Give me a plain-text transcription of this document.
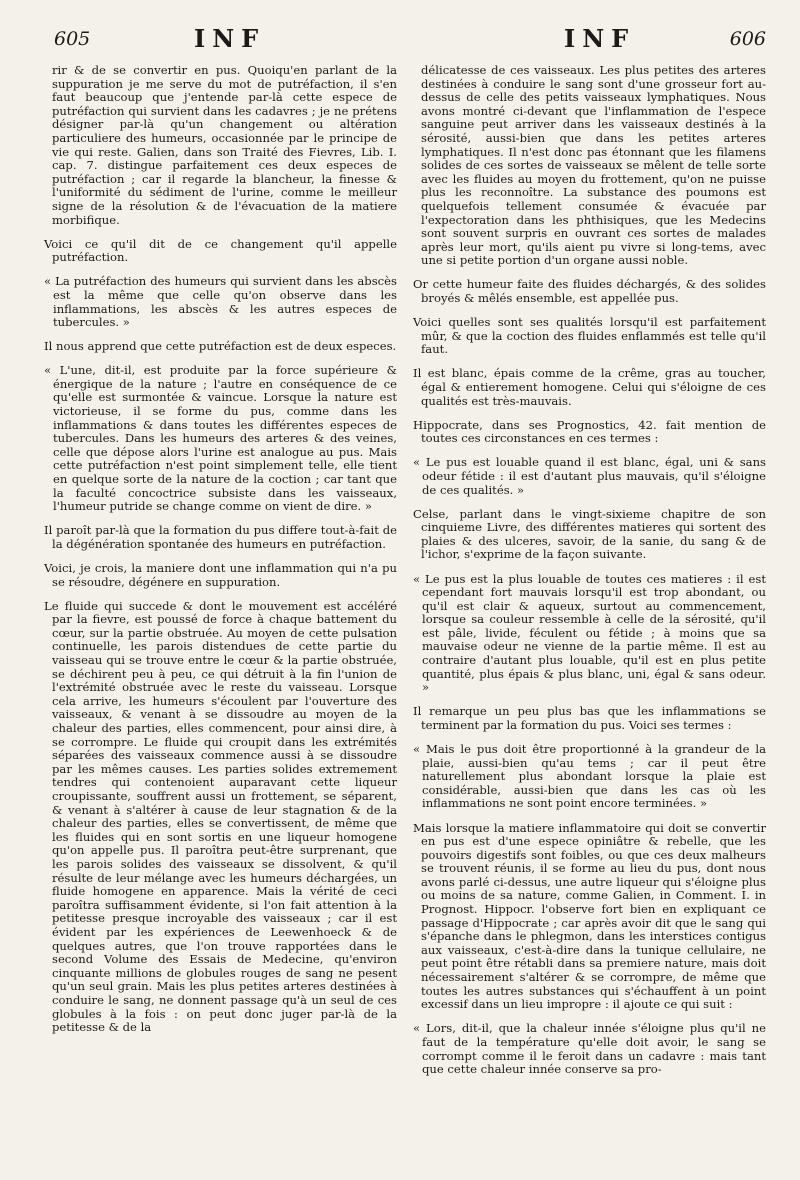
605	INF	INF	606

rir & de se convertir en pus. Quoiqu'en parlant de la suppuration je me serve du mot de putréfaction, il s'en faut beaucoup que j'entende par-là cette espece de putréfaction qui survient dans les cadavres ; je ne prétens désigner par-là qu'un changement ou altération particuliere des humeurs, occasionnée par le principe de vie qui reste. Galien, dans son Traité des Fievres, Lib. I. cap. 7. distingue parfaitement ces deux especes de putréfaction ; car il regarde la blancheur, la finesse & l'uniformité du sédiment de l'urine, comme le meilleur signe de la résolution & de l'évacuation de la matiere morbifique.

Voici ce qu'il dit de ce changement qu'il appelle putréfaction.

« La putréfaction des humeurs qui survient dans les abscès est la même que celle qu'on observe dans les inflammations, les abscès & les autres especes de tubercules. »

Il nous apprend que cette putréfaction est de deux especes.

« L'une, dit-il, est produite par la force supérieure & énergique de la nature ; l'autre en conséquence de ce qu'elle est surmontée & vaincue. Lorsque la nature est victorieuse, il se forme du pus, comme dans les inflammations & dans toutes les différentes especes de tubercules. Dans les humeurs des arteres & des veines, celle que dépose alors l'urine est analogue au pus. Mais cette putréfaction n'est point simplement telle, elle tient en quelque sorte de la nature de la coction ; car tant que la faculté concoctrice subsiste dans les vaisseaux, l'humeur putride se change comme on vient de dire. »

Il paroît par-là que la formation du pus differe tout-à-fait de la dégénération spontanée des humeurs en putréfaction.

Voici, je crois, la maniere dont une inflammation qui n'a pu se résoudre, dégénere en suppuration.

Le fluide qui succede & dont le mouvement est accéléré par la fievre, est poussé de force à chaque battement du cœur, sur la partie obstruée. Au moyen de cette pulsation continuelle, les parois distendues de cette partie du vaisseau qui se trouve entre le cœur & la partie obstruée, se déchirent peu à peu, ce qui détruit à la fin l'union de l'extrémité obstruée avec le reste du vaisseau. Lorsque cela arrive, les humeurs s'écoulent par l'ouverture des vaisseaux, & venant à se dissoudre au moyen de la chaleur des parties, elles commencent, pour ainsi dire, à se corrompre. Le fluide qui croupit dans les extrémités séparées des vaisseaux commence aussi à se dissoudre par les mêmes causes. Les parties solides extremement tendres qui contenoient auparavant cette liqueur croupissante, souffrent aussi un frottement, se séparent, & venant à s'altérer à cause de leur stagnation & de la chaleur des parties, elles se convertissent, de même que les fluides qui en sont sortis en une liqueur homogene qu'on appelle pus. Il paroîtra peut-être surprenant, que les parois solides des vaisseaux se dissolvent, & qu'il résulte de leur mélange avec les humeurs déchargées, un fluide homogene en apparence. Mais la vérité de ceci paroîtra suffisamment évidente, si l'on fait attention à la petitesse presque incroyable des vaisseaux ; car il est évident par les expériences de Leewenhoeck & de quelques autres, que l'on trouve rapportées dans le second Volume des Essais de Medecine, qu'environ cinquante millions de globules rouges de sang ne pesent qu'un seul grain. Mais les plus petites arteres destinées à conduire le sang, ne donnent passage qu'à un seul de ces globules à la fois : on peut donc juger par-là de la petitesse & de la

délicatesse de ces vaisseaux. Les plus petites des arteres destinées à conduire le sang sont d'une grosseur fort au-dessus de celle des petits vaisseaux lymphatiques. Nous avons montré ci-devant que l'inflammation de l'espece sanguine peut arriver dans les vaisseaux destinés à la sérosité, aussi-bien que dans les petites arteres lymphatiques. Il n'est donc pas étonnant que les filamens solides de ces sortes de vaisseaux se mêlent de telle sorte avec les fluides au moyen du frottement, qu'on ne puisse plus les reconnoître. La substance des poumons est quelquefois tellement consumée & évacuée par l'expectoration dans les phthisiques, que les Medecins sont souvent surpris en ouvrant ces sortes de malades après leur mort, qu'ils aient pu vivre si long-tems, avec une si petite portion d'un organe aussi noble.

Or cette humeur faite des fluides déchargés, & des solides broyés & mêlés ensemble, est appellée pus.

Voici quelles sont ses qualités lorsqu'il est parfaitement mûr, & que la coction des fluides enflammés est telle qu'il faut.

Il est blanc, épais comme de la crême, gras au toucher, égal & entierement homogene. Celui qui s'éloigne de ces qualités est très-mauvais.

Hippocrate, dans ses Prognostics, 42. fait mention de toutes ces circonstances en ces termes :

« Le pus est louable quand il est blanc, égal, uni & sans odeur fétide : il est d'autant plus mauvais, qu'il s'éloigne de ces qualités. »

Celse, parlant dans le vingt-sixieme chapitre de son cinquieme Livre, des différentes matieres qui sortent des plaies & des ulceres, savoir, de la sanie, du sang & de l'ichor, s'exprime de la façon suivante.

« Le pus est la plus louable de toutes ces matieres : il est cependant fort mauvais lorsqu'il est trop abondant, ou qu'il est clair & aqueux, surtout au commencement, lorsque sa couleur ressemble à celle de la sérosité, qu'il est pâle, livide, féculent ou fétide ; à moins que sa mauvaise odeur ne vienne de la partie même. Il est au contraire d'autant plus louable, qu'il est en plus petite quantité, plus épais & plus blanc, uni, égal & sans odeur. »

Il remarque un peu plus bas que les inflammations se terminent par la formation du pus. Voici ses termes :

« Mais le pus doit être proportionné à la grandeur de la plaie, aussi-bien qu'au tems ; car il peut être naturellement plus abondant lorsque la plaie est considérable, aussi-bien que dans les cas où les inflammations ne sont point encore terminées. »

Mais lorsque la matiere inflammatoire qui doit se convertir en pus est d'une espece opiniâtre & rebelle, que les pouvoirs digestifs sont foibles, ou que ces deux malheurs se trouvent réunis, il se forme au lieu du pus, dont nous avons parlé ci-dessus, une autre liqueur qui s'éloigne plus ou moins de sa nature, comme Galien, in Comment. I. in Prognost. Hippocr. l'observe fort bien en expliquant ce passage d'Hippocrate ; car après avoir dit que le sang qui s'épanche dans le phlegmon, dans les interstices contigus aux vaisseaux, c'est-à-dire dans la tunique cellulaire, ne peut point être rétabli dans sa premiere nature, mais doit nécessairement s'altérer & se corrompre, de même que toutes les autres substances qui s'échauffent à un point excessif dans un lieu impropre : il ajoute ce qui suit :

« Lors, dit-il, que la chaleur innée s'éloigne plus qu'il ne faut de la température qu'elle doit avoir, le sang se corrompt comme il le feroit dans un cadavre : mais tant que cette chaleur innée conserve sa pro-
